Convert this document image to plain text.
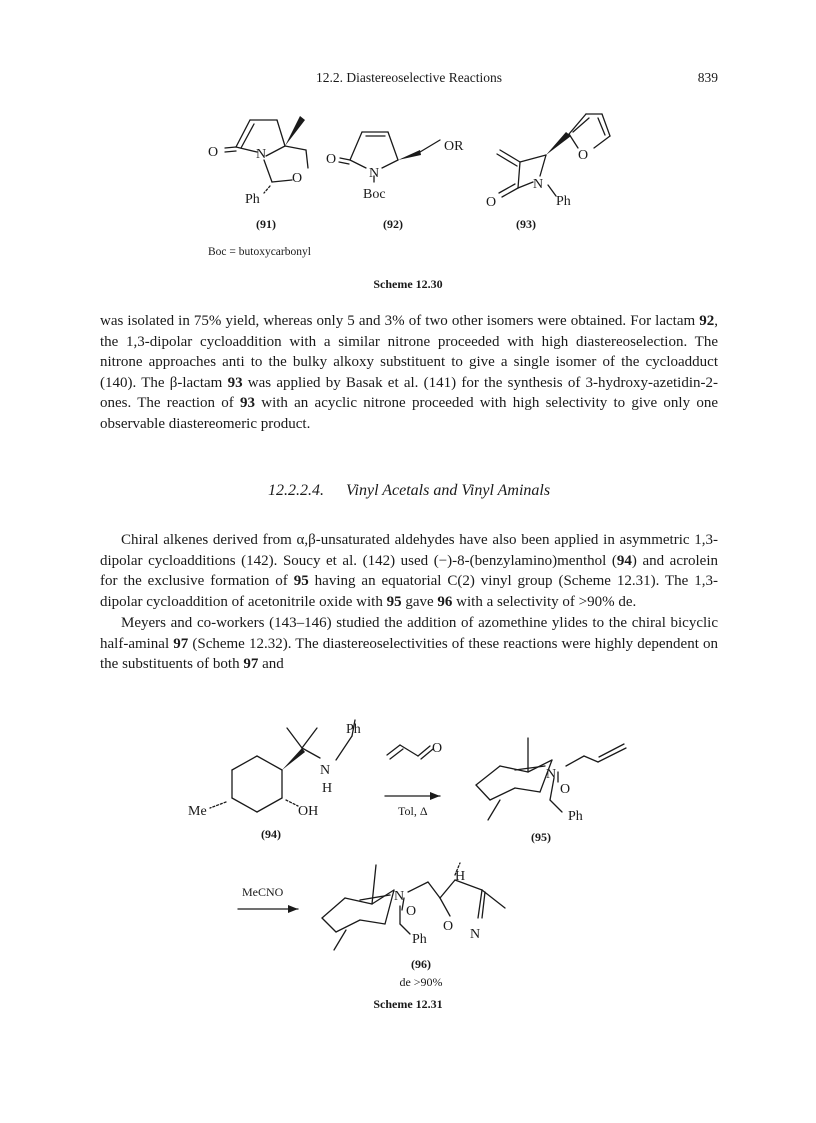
12.2. Diastereoselective Reactions	839
O	N
O
Ph
O
N
Boc
OR
N
Ph
O
O
(91)	(92)	(93)
Boc = butoxycarbonyl
Scheme 12.30

was isolated in 75% yield, whereas only 5 and 3% of two other isomers were obtained. For lactam 92, the 1,3-dipolar cycloaddition with a similar nitrone proceeded with high diastereoselection. The nitrone approaches anti to the bulky alkoxy substituent to give a single isomer of the cycloadduct (140). The β-lactam 93 was applied by Basak et al. (141) for the synthesis of 3-hydroxy-azetidin-2-ones. The reaction of 93 with an acyclic nitrone proceeded with high selectivity to give only one observable diastereomeric product.

12.2.2.4. Vinyl Acetals and Vinyl Aminals

Chiral alkenes derived from α,β-unsaturated aldehydes have also been applied in asymmetric 1,3-dipolar cycloadditions (142). Soucy et al. (142) used (−)-8-(benzylamino)menthol (94) and acrolein for the exclusive formation of 95 having an equatorial C(2) vinyl group (Scheme 12.31). The 1,3-dipolar cycloaddition of acetonitrile oxide with 95 gave 96 with a selectivity of >90% de.

Meyers and co-workers (143–146) studied the addition of azomethine ylides to the chiral bicyclic half-aminal 97 (Scheme 12.32). The diastereoselectivities of these reactions were highly dependent on the substituents of both 97 and

Ph
N
H
Me	OH
O
N
O
Ph
H
N
O
Ph
O
N
Tol, Δ
MeCNO
de >90%
(94)	(95)
(96)
Scheme 12.31
